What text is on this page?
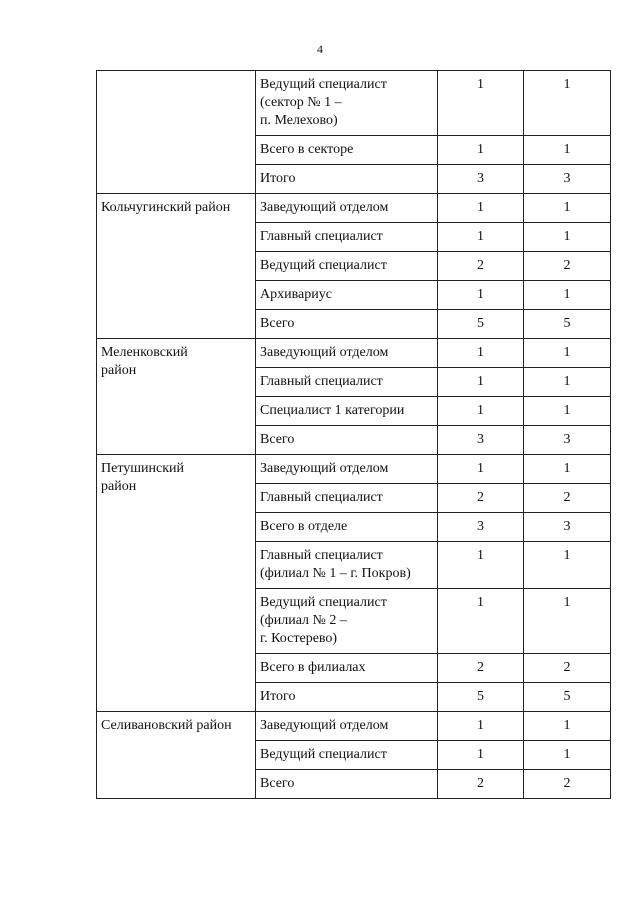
4
	Ведущий специалист
(сектор № 1 –
п. Мелехово)	1	1
	Всего в секторе	1	1
	Итого	3	3
Кольчугинский район	Заведующий отделом	1	1
	Главный специалист	1	1
	Ведущий специалист	2	2
	Архивариус	1	1
	Всего	5	5
Меленковский
район	Заведующий отделом	1	1
	Главный специалист	1	1
	Специалист 1 категории	1	1
	Всего	3	3
Петушинский
район	Заведующий отделом	1	1
	Главный специалист	2	2
	Всего в отделе	3	3
	Главный специалист
(филиал № 1 – г. Покров)	1	1
	Ведущий специалист
(филиал № 2 –
г. Костерево)	1	1
	Всего в филиалах	2	2
	Итого	5	5
Селивановский район	Заведующий отделом	1	1
	Ведущий специалист	1	1
	Всего	2	2
